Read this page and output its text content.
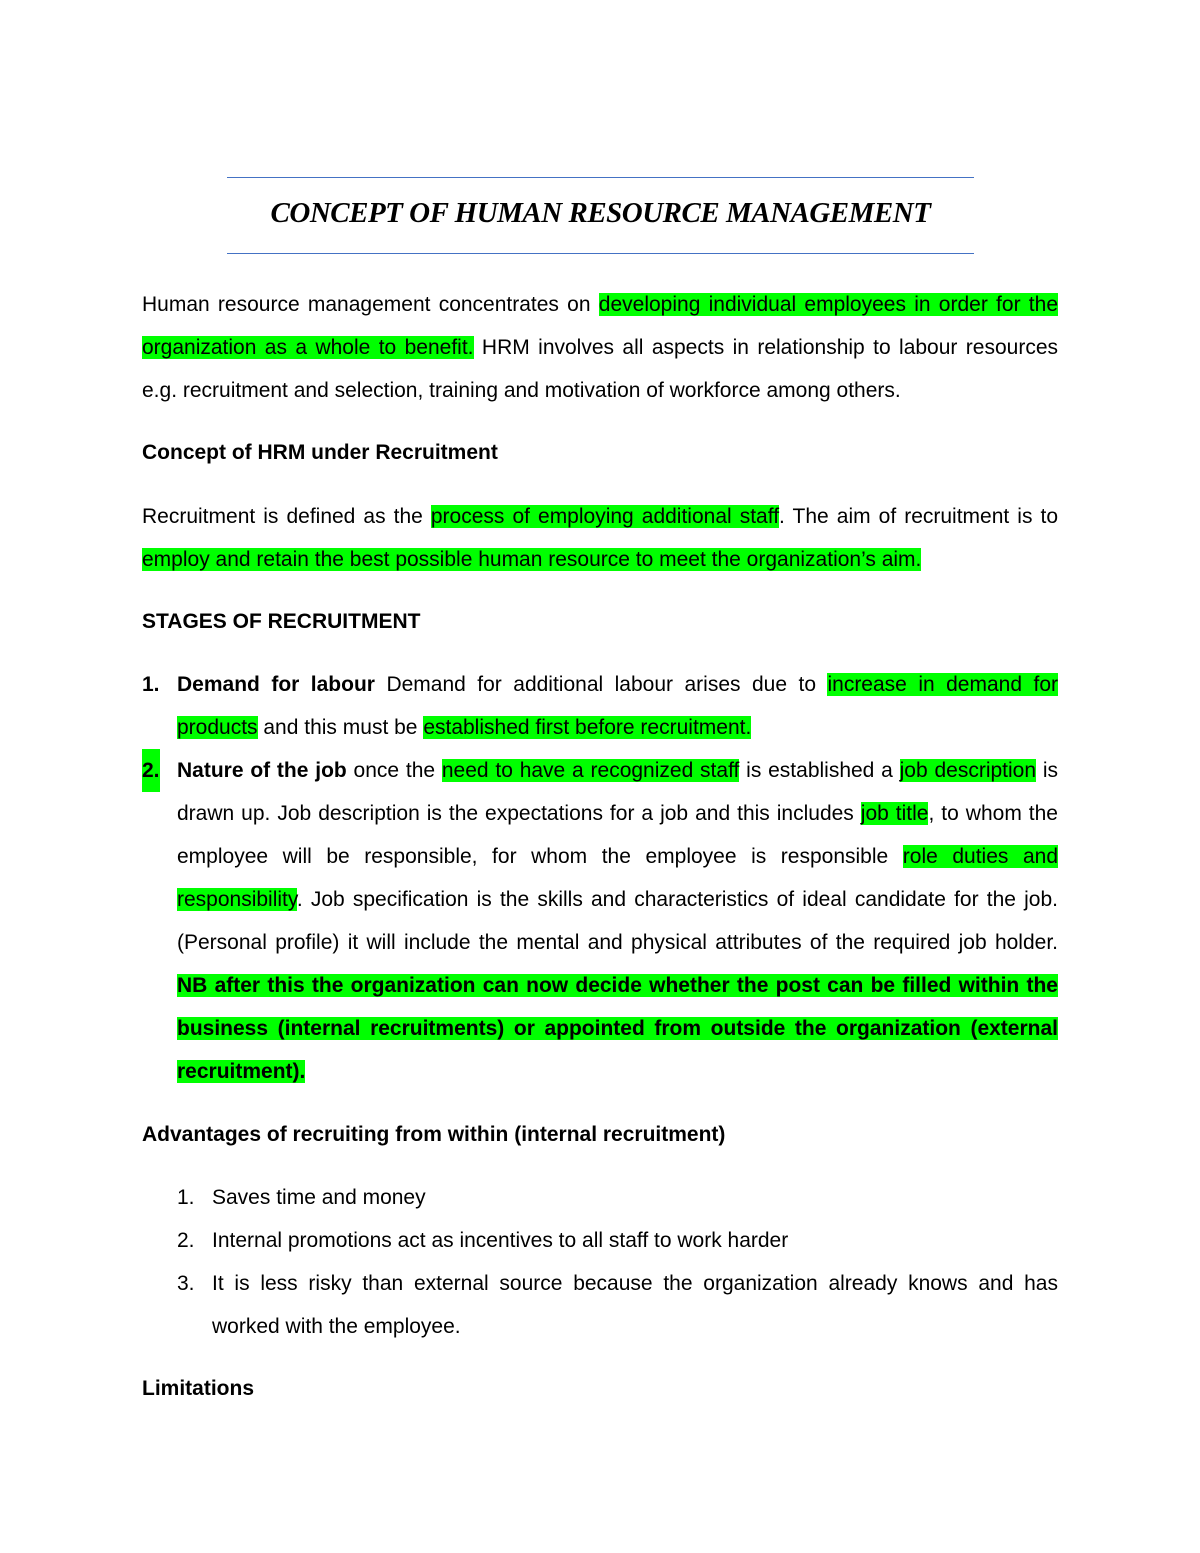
CONCEPT OF HUMAN RESOURCE MANAGEMENT
Human resource management concentrates on developing individual employees in order for the organization as a whole to benefit. HRM involves all aspects in relationship to labour resources e.g. recruitment and selection, training and motivation of workforce among others.
Concept of HRM under Recruitment
Recruitment is defined as the process of employing additional staff. The aim of recruitment is to employ and retain the best possible human resource to meet the organization’s aim.
STAGES OF RECRUITMENT
1. Demand for labour Demand for additional labour arises due to increase in demand for products and this must be established first before recruitment.
2. Nature of the job once the need to have a recognized staff is established a job description is drawn up. Job description is the expectations for a job and this includes job title, to whom the employee will be responsible, for whom the employee is responsible role duties and responsibility. Job specification is the skills and characteristics of ideal candidate for the job. (Personal profile) it will include the mental and physical attributes of the required job holder. NB after this the organization can now decide whether the post can be filled within the business (internal recruitments) or appointed from outside the organization (external recruitment).
Advantages of recruiting from within (internal recruitment)
1. Saves time and money
2. Internal promotions act as incentives to all staff to work harder
3. It is less risky than external source because the organization already knows and has worked with the employee.
Limitations
